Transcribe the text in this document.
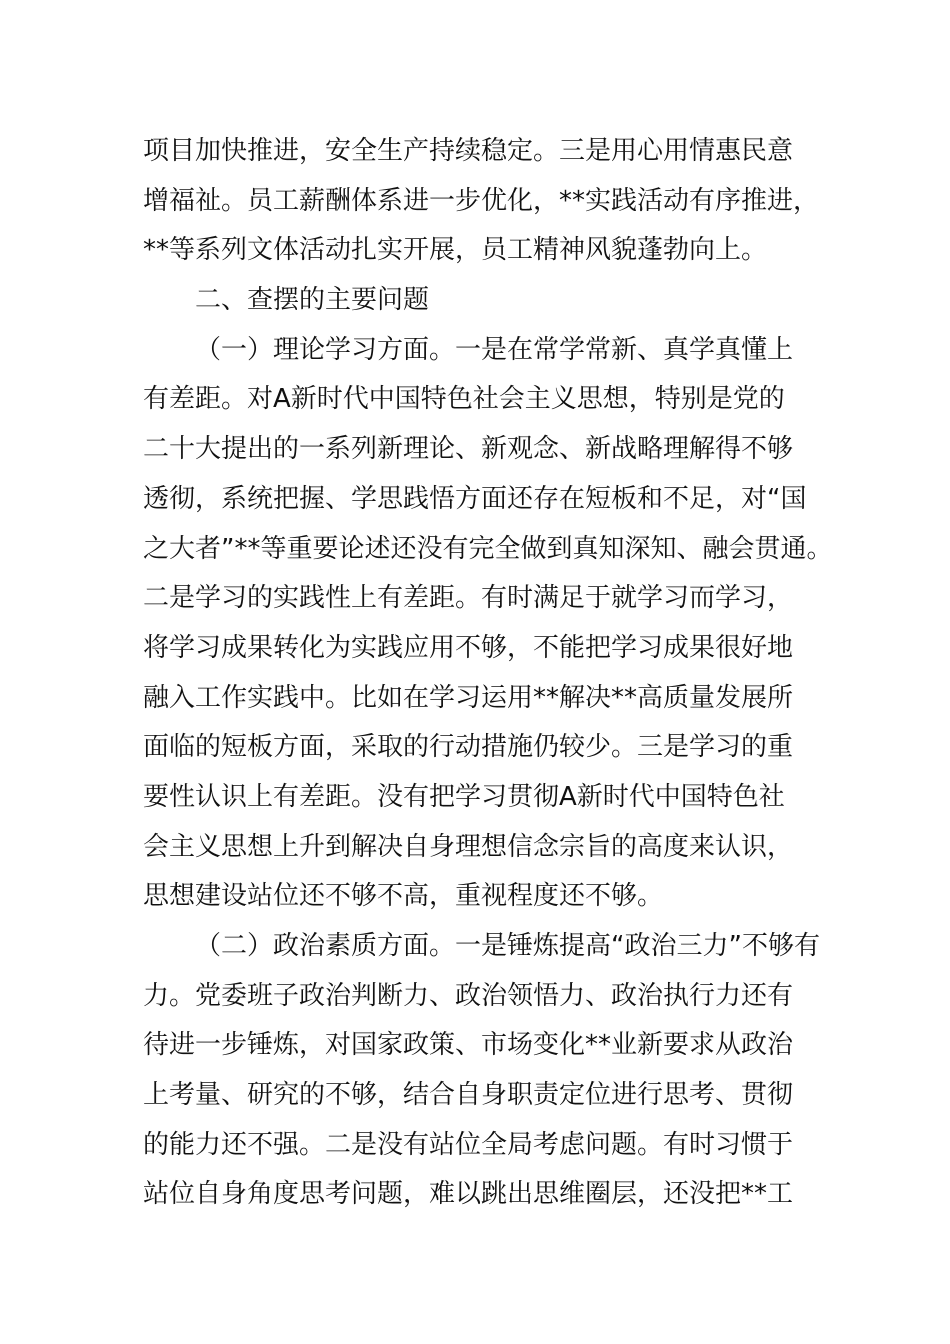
项目加快推进，安全生产持续稳定。三是用心用情惠民意
增福祉。员工薪酬体系进一步优化，**实践活动有序推进，
**等系列文体活动扎实开展，员工精神风貌蓬勃向上。
二、查摆的主要问题
（一）理论学习方面。一是在常学常新、真学真懂上
有差距。对A新时代中国特色社会主义思想，特别是党的
二十大提出的一系列新理论、新观念、新战略理解得不够
透彻，系统把握、学思践悟方面还存在短板和不足，对“国
之大者”**等重要论述还没有完全做到真知深知、融会贯通。
二是学习的实践性上有差距。有时满足于就学习而学习，
将学习成果转化为实践应用不够，不能把学习成果很好地
融入工作实践中。比如在学习运用**解决**高质量发展所
面临的短板方面，采取的行动措施仍较少。三是学习的重
要性认识上有差距。没有把学习贯彻A新时代中国特色社
会主义思想上升到解决自身理想信念宗旨的高度来认识，
思想建设站位还不够不高，重视程度还不够。
（二）政治素质方面。一是锤炼提高“政治三力”不够有
力。党委班子政治判断力、政治领悟力、政治执行力还有
待进一步锤炼，对国家政策、市场变化**业新要求从政治
上考量、研究的不够，结合自身职责定位进行思考、贯彻
的能力还不强。二是没有站位全局考虑问题。有时习惯于
站位自身角度思考问题，难以跳出思维圈层，还没把**工
